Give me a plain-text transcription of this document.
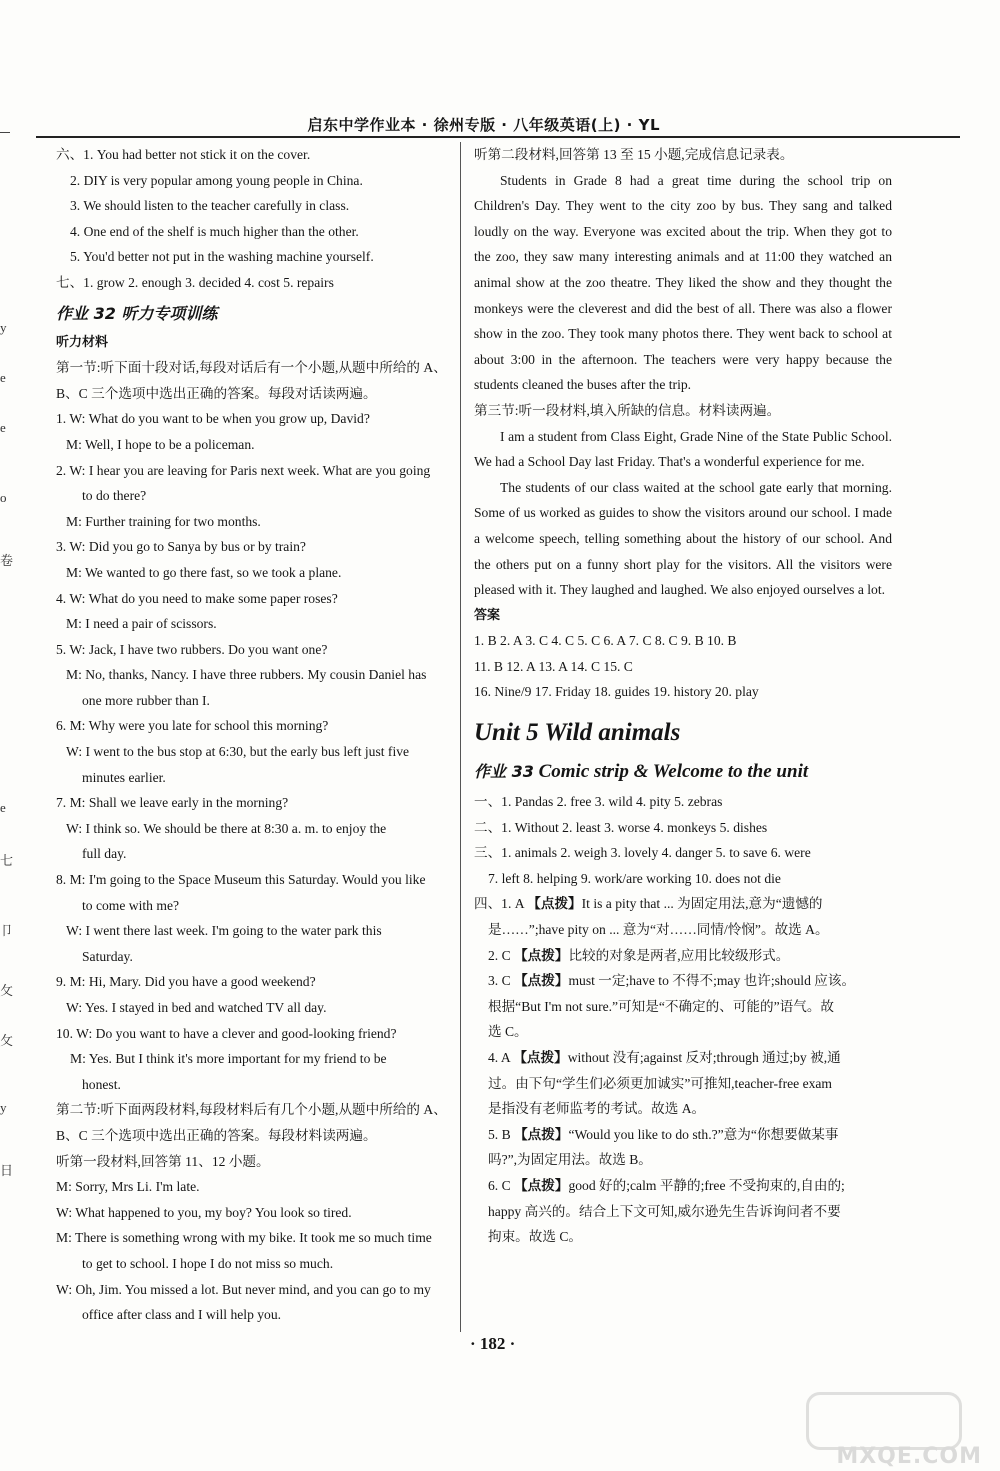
启东中学作业本 · 徐州专版 · 八年级英语(上) · YL
y
e
e
o
卷
e
七
卩
攵
攵
y
日
六、1. You had better not stick it on the cover.
2. DIY is very popular among young people in China.
3. We should listen to the teacher carefully in class.
4. One end of the shelf is much higher than the other.
5. You'd better not put in the washing machine yourself.
七、1. grow 2. enough 3. decided 4. cost 5. repairs
作业 32 听力专项训练
听力材料
第一节:听下面十段对话,每段对话后有一个小题,从题中所给的 A、
B、C 三个选项中选出正确的答案。每段对话读两遍。
1. W: What do you want to be when you grow up, David?
M: Well, I hope to be a policeman.
2. W: I hear you are leaving for Paris next week. What are you going
to do there?
M: Further training for two months.
3. W: Did you go to Sanya by bus or by train?
M: We wanted to go there fast, so we took a plane.
4. W: What do you need to make some paper roses?
M: I need a pair of scissors.
5. W: Jack, I have two rubbers. Do you want one?
M: No, thanks, Nancy. I have three rubbers. My cousin Daniel has
one more rubber than I.
6. M: Why were you late for school this morning?
W: I went to the bus stop at 6:30, but the early bus left just five
minutes earlier.
7. M: Shall we leave early in the morning?
W: I think so. We should be there at 8:30 a. m. to enjoy the
full day.
8. M: I'm going to the Space Museum this Saturday. Would you like
to come with me?
W: I went there last week. I'm going to the water park this
Saturday.
9. M: Hi, Mary. Did you have a good weekend?
W: Yes. I stayed in bed and watched TV all day.
10. W: Do you want to have a clever and good-looking friend?
M: Yes. But I think it's more important for my friend to be
honest.
第二节:听下面两段材料,每段材料后有几个小题,从题中所给的 A、
B、C 三个选项中选出正确的答案。每段材料读两遍。
听第一段材料,回答第 11、12 小题。
M: Sorry, Mrs Li. I'm late.
W: What happened to you, my boy? You look so tired.
M: There is something wrong with my bike. It took me so much time
to get to school. I hope I do not miss so much.
W: Oh, Jim. You missed a lot. But never mind, and you can go to my
office after class and I will help you.
听第二段材料,回答第 13 至 15 小题,完成信息记录表。

Students in Grade 8 had a great time during the school trip on Children's Day. They went to the city zoo by bus. They sang and talked loudly on the way. Everyone was excited about the trip. When they got to the zoo, they saw many interesting animals and at 11:00 they watched an animal show at the zoo theatre. They liked the show and they thought the monkeys were the cleverest and did the best of all. There was also a flower show in the zoo. They took many photos there. They went back to school at about 3:00 in the afternoon. The teachers were very happy because the students cleaned the buses after the trip.

第三节:听一段材料,填入所缺的信息。材料读两遍。

I am a student from Class Eight, Grade Nine of the State Public School. We had a School Day last Friday. That's a wonderful experience for me.

The students of our class waited at the school gate early that morning. Some of us worked as guides to show the visitors around our school. I made a welcome speech, telling something about the history of our school. And the others put on a funny short play for the visitors. All the visitors were pleased with it. They laughed and laughed. We also enjoyed ourselves a lot.

答案
1. B 2. A 3. C 4. C 5. C 6. A 7. C 8. C 9. B 10. B
11. B 12. A 13. A 14. C 15. C
16. Nine/9 17. Friday 18. guides 19. history 20. play
Unit 5 Wild animals
作业 33 Comic strip & Welcome to the unit
一、1. Pandas 2. free 3. wild 4. pity 5. zebras
二、1. Without 2. least 3. worse 4. monkeys 5. dishes
三、1. animals 2. weigh 3. lovely 4. danger 5. to save 6. were
7. left 8. helping 9. work/are working 10. does not die
四、1. A 【点拨】It is a pity that ... 为固定用法,意为“遗憾的
是……”;have pity on ... 意为“对……同情/怜悯”。故选 A。
2. C 【点拨】比较的对象是两者,应用比较级形式。
3. C 【点拨】must 一定;have to 不得不;may 也许;should 应该。
根据“But I'm not sure.”可知是“不确定的、可能的”语气。故
选 C。
4. A 【点拨】without 没有;against 反对;through 通过;by 被,通
过。由下句“学生们必须更加诚实”可推知,teacher-free exam
是指没有老师监考的考试。故选 A。
5. B 【点拨】“Would you like to do sth.?”意为“你想要做某事
吗?”,为固定用法。故选 B。
6. C 【点拨】good 好的;calm 平静的;free 不受拘束的,自由的;
happy 高兴的。结合上下文可知,威尔逊先生告诉询问者不要
拘束。故选 C。
· 182 ·
MXQE.COM
